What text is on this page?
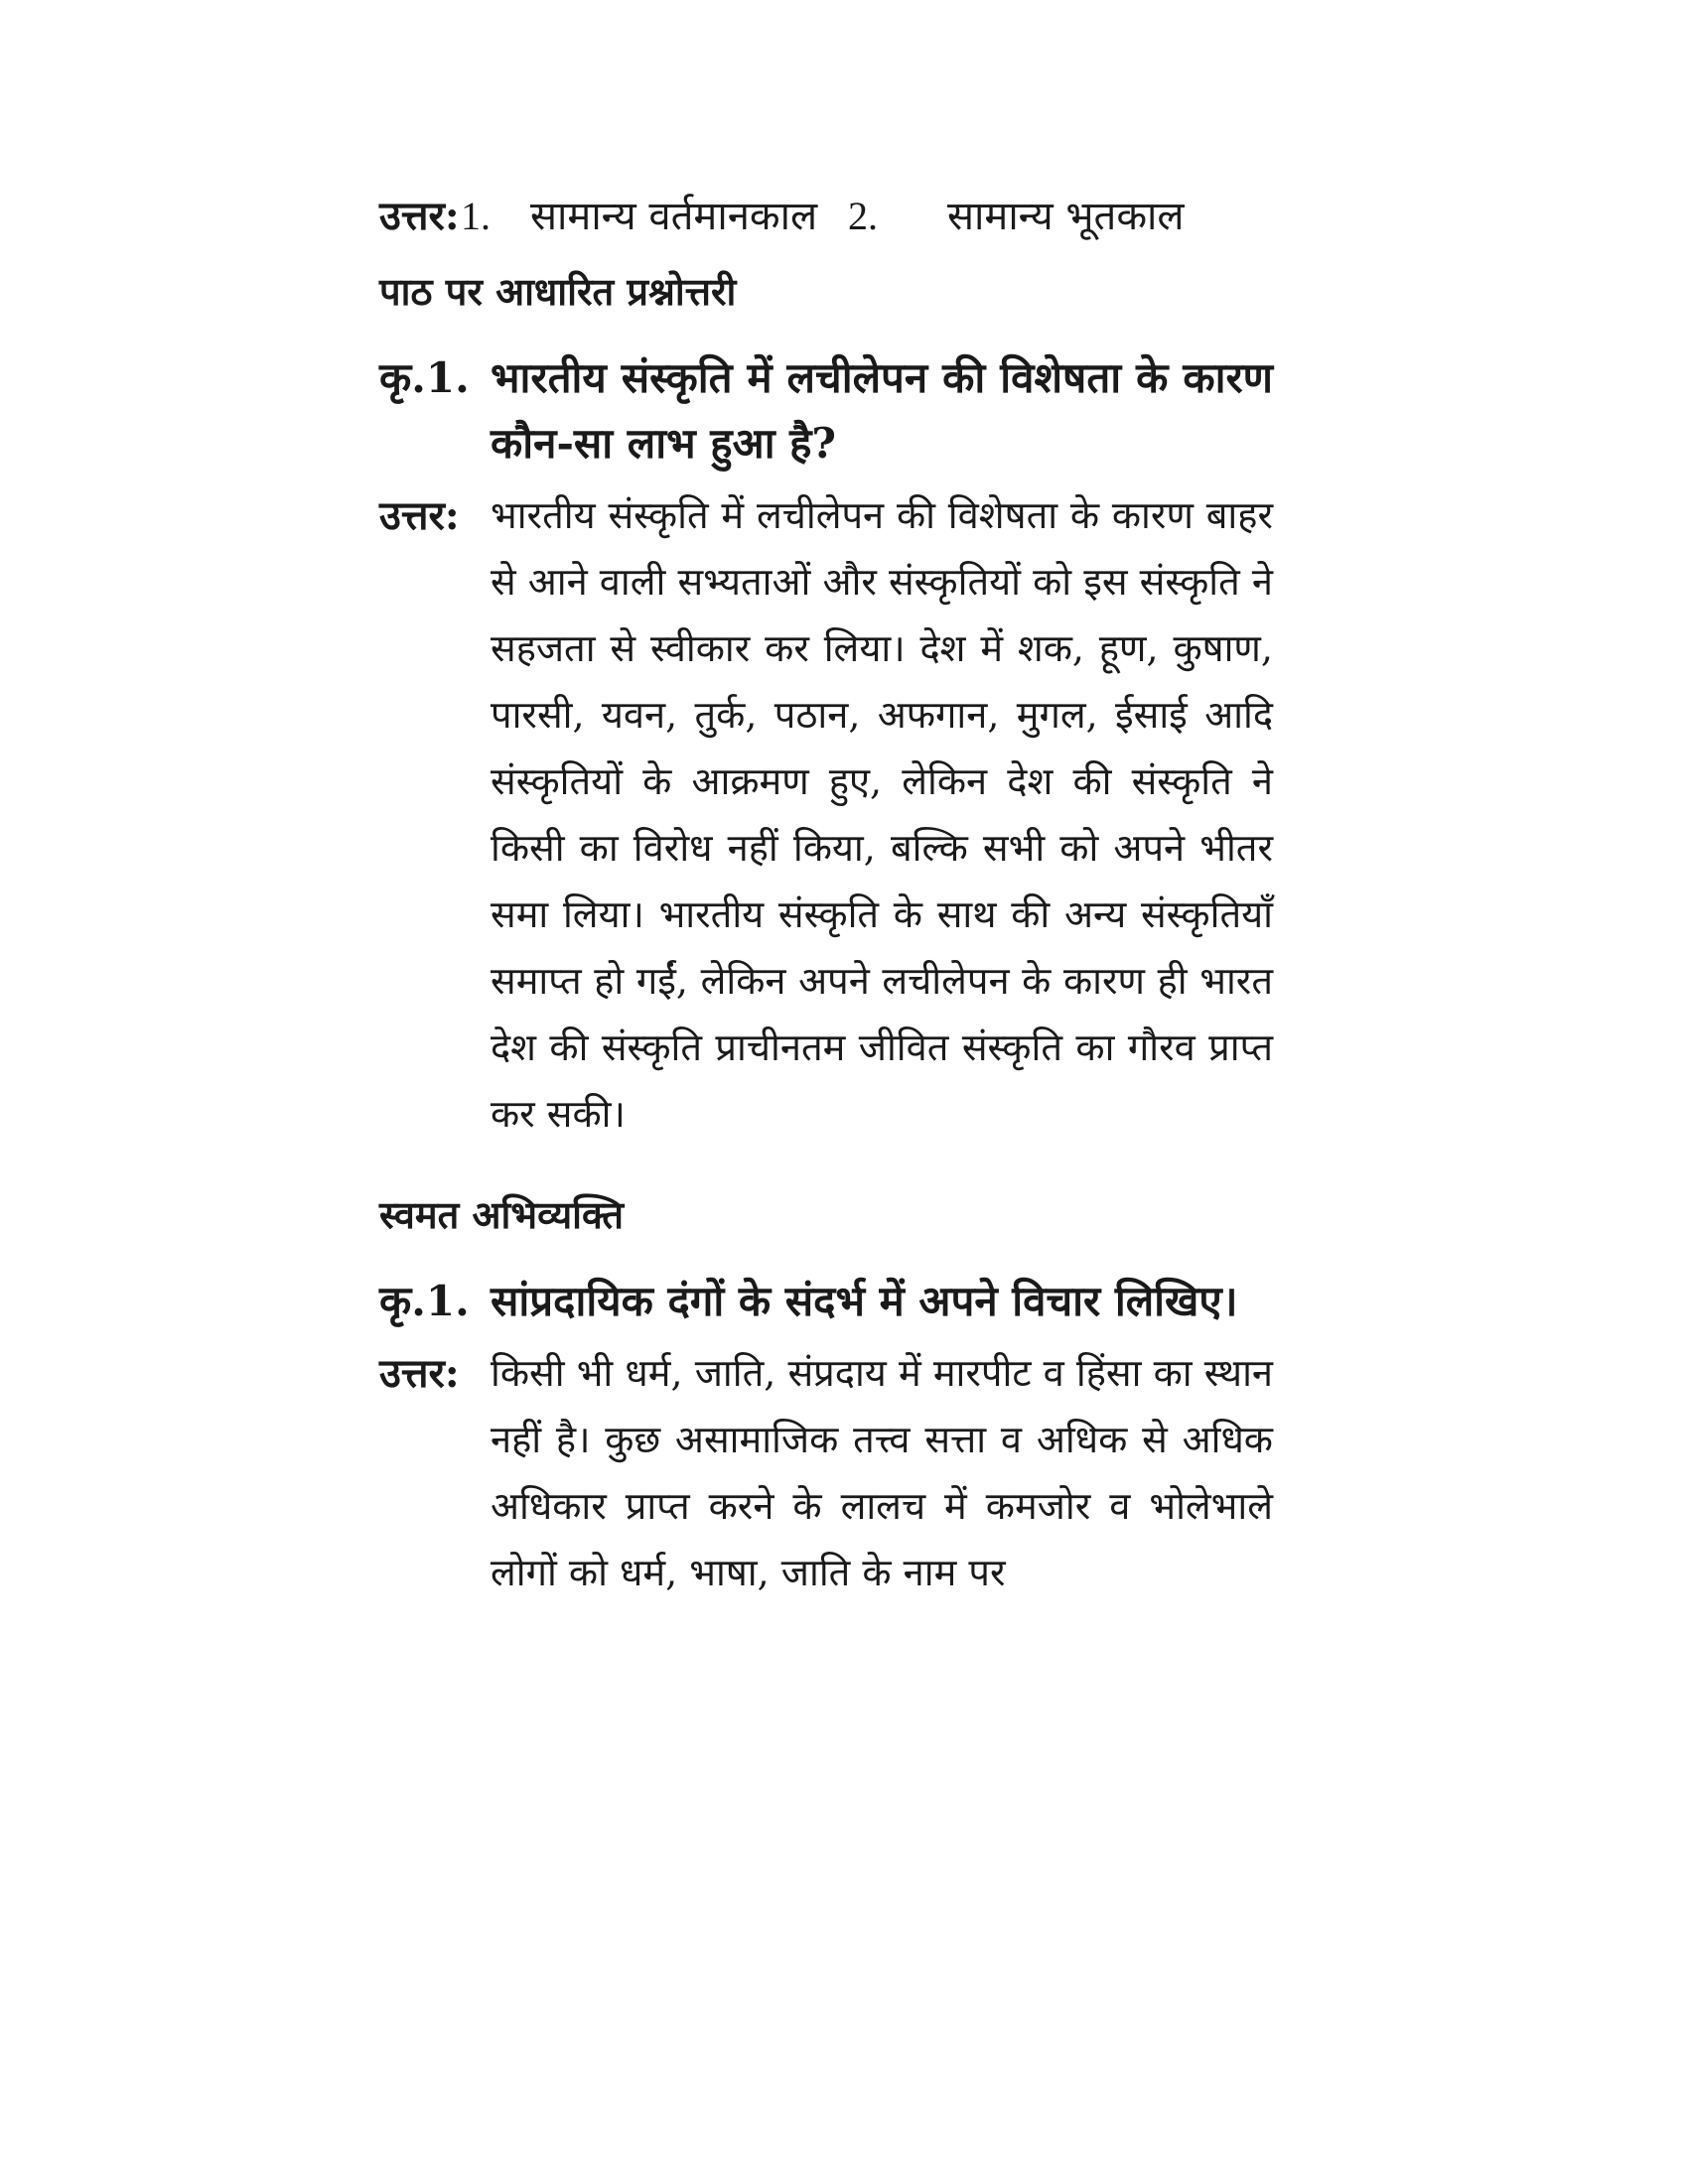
उत्तर: 1.	सामान्य वर्तमानकाल 2.	सामान्य भूतकाल
पाठ पर आधारित प्रश्नोत्तरी
कृ.1. भारतीय संस्कृति में लचीलेपन की विशेषता के कारण कौन-सा लाभ हुआ है?
उत्तर: भारतीय संस्कृति में लचीलेपन की विशेषता के कारण बाहर से आने वाली सभ्यताओं और संस्कृतियों को इस संस्कृति ने सहजता से स्वीकार कर लिया। देश में शक, हूण, कुषाण, पारसी, यवन, तुर्क, पठान, अफगान, मुगल, ईसाई आदि संस्कृतियों के आक्रमण हुए, लेकिन देश की संस्कृति ने किसी का विरोध नहीं किया, बल्कि सभी को अपने भीतर समा लिया। भारतीय संस्कृति के साथ की अन्य संस्कृतियाँ समाप्त हो गईं, लेकिन अपने लचीलेपन के कारण ही भारत देश की संस्कृति प्राचीनतम जीवित संस्कृति का गौरव प्राप्त कर सकी।
स्वमत अभिव्यक्ति
कृ.1. सांप्रदायिक दंगों के संदर्भ में अपने विचार लिखिए।
उत्तर: किसी भी धर्म, जाति, संप्रदाय में मारपीट व हिंसा का स्थान नहीं है। कुछ असामाजिक तत्त्व सत्ता व अधिक से अधिक अधिकार प्राप्त करने के लालच में कमजोर व भोलेभाले लोगों को धर्म, भाषा, जाति के नाम पर
